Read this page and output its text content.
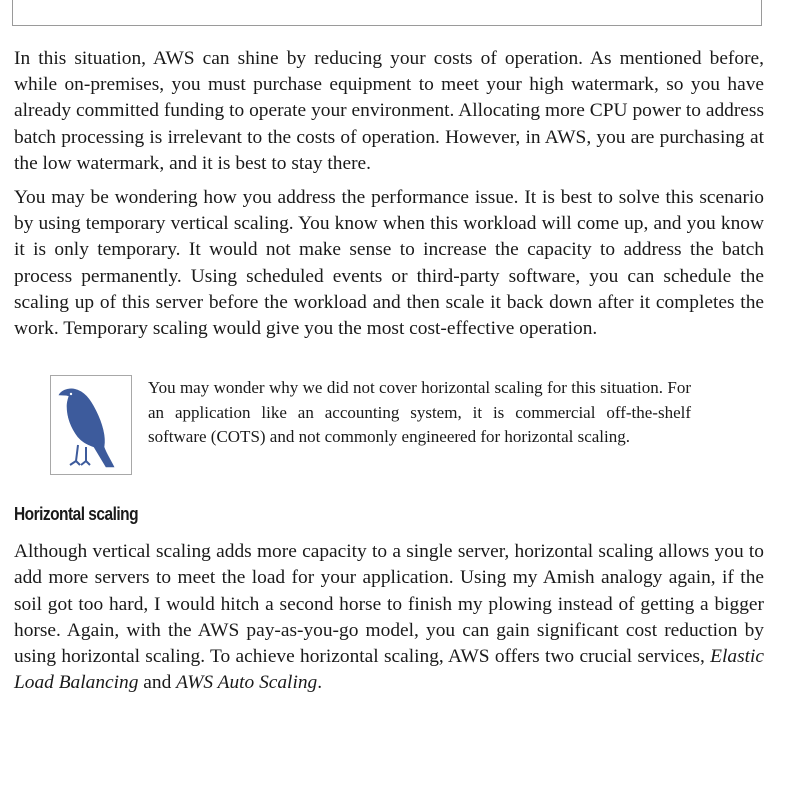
In this situation, AWS can shine by reducing your costs of operation. As mentioned before, while on-premises, you must purchase equipment to meet your high watermark, so you have already committed funding to operate your environment. Allocating more CPU power to address batch processing is irrelevant to the costs of operation. However, in AWS, you are purchasing at the low watermark, and it is best to stay there.

You may be wondering how you address the performance issue. It is best to solve this scenario by using temporary vertical scaling. You know when this workload will come up, and you know it is only temporary. It would not make sense to increase the capacity to address the batch process permanently. Using scheduled events or third-party software, you can schedule the scaling up of this server before the workload and then scale it back down after it completes the work. Temporary scaling would give you the most cost-effective operation.

You may wonder why we did not cover horizontal scaling for this situation. For an application like an accounting system, it is commercial off-the-shelf software (COTS) and not commonly engineered for horizontal scaling.

Horizontal scaling

Although vertical scaling adds more capacity to a single server, horizontal scaling allows you to add more servers to meet the load for your application. Using my Amish analogy again, if the soil got too hard, I would hitch a second horse to finish my plowing instead of getting a bigger horse. Again, with the AWS pay-as-you-go model, you can gain significant cost reduction by using horizontal scaling. To achieve horizontal scaling, AWS offers two crucial services, Elastic Load Balancing and AWS Auto Scaling.
